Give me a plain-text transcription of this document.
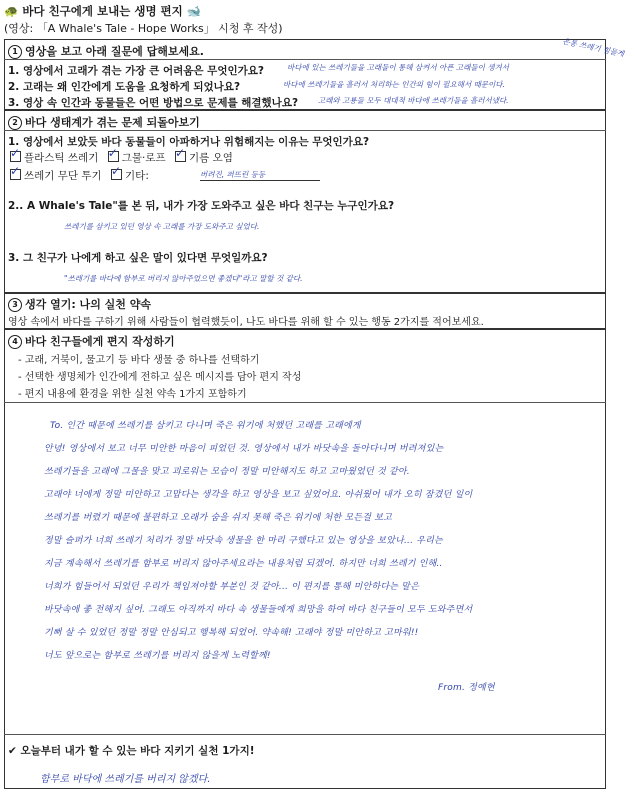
🐢 바다 친구에게 보내는 생명 편지 🐋
(영상: 「A Whale's Tale - Hope Works」 시청 후 작성)
1 영상을 보고 아래 질문에 답해보세요.
1. 영상에서 고래가 겪는 가장 큰 어려움은 무엇인가요?	바다에 있는 쓰레기들을 고래들이 통해 삼켜서 아픈 고래들이 생겨서
온통 쓰레기 힘들게
2. 고래는 왜 인간에게 도움을 요청하게 되었나요?	바다에 쓰레기들을 흘러서 처리하는 인간의 힘이 필요해서 때문이다.
3. 영상 속 인간과 동물들은 어떤 방법으로 문제를 해결했나요?	고래와 고룡들 모두 대대적 바다에 쓰레기들을 흘러서냈다.
2 바다 생태계가 겪는 문제 되돌아보기
1. 영상에서 보았듯 바다 동물들이 아파하거나 위험해지는 이유는 무엇인가요?
✓플라스틱 쓰레기 ✓ 그물·로프 ✓ 기름 오염
✓쓰레기 무단 투기 ✓ 기타:	버려진, 퍼뜨린 등등
2.. A Whale's Tale"를 본 뒤, 내가 가장 도와주고 싶은 바다 친구는 누구인가요?
쓰레기를 삼키고 있던 영상 속 고래를 가장 도와주고 싶었다.
3. 그 친구가 나에게 하고 싶은 말이 있다면 무엇일까요?
"쓰레기를 바다에 함부로 버리지 않아주었으면 좋겠다"라고 말할 것 같다.
3 생각 열기: 나의 실천 약속
영상 속에서 바다를 구하기 위해 사람들이 협력했듯이, 나도 바다를 위해 할 수 있는 행동 2가지를 적어보세요.
4 바다 친구들에게 편지 작성하기
- 고래, 거북이, 물고기 등 바다 생물 중 하나를 선택하기
- 선택한 생명체가 인간에게 전하고 싶은 메시지를 담아 편지 작성
- 편지 내용에 환경을 위한 실천 약속 1가지 포함하기
To. 인간 때문에 쓰레기를 삼키고 다니며 죽은 위기에 처했던 고래를 고래에게
안녕! 영상에서 보고 너무 미안한 마음이 피었던 것. 영상에서 내가 바닷속을 돌아다니며 버려져있는
쓰레기들을 고래에 그물을 맞고 괴로워는 모습이 정말 미안해지도 하고 고마웠었던 것 같아.
고래야 너에게 정말 미안하고 고맙다는 생각을 하고 영상을 보고 싶었어요. 아쉬웠어 내가 오히 잠겼던 일이
쓰레기를 버렸기 때문에 불편하고 오래가 숨을 쉬지 못해 죽은 위기에 처한 모든걸 보고
정말 슬퍼가 너희 쓰레기 처리가 정말 바닷속 생물을 한 마리 구했다고 있는 영상을 보았나... 우리는
지금 계속해서 쓰레기를 함부로 버리지 않아주세요라는 내용처럼 되겠어. 하지만 너희 쓰레기 인해..
너희가 힘들어서 되었던 우리가 책임져야할 부분인 것 같아... 이 편지를 통해 미안하다는 말은
바닷속에 좋 전해지 싶어. 그래도 아직까지 바다 속 생물들에게 희망을 하여 바다 친구들이 모두 도와주면서
기뻐 살 수 있었던 정말 정말 안심되고 행복해 되었어. 약속해! 고래야 정말 미안하고 고마워!!
너도 앞으로는 함부로 쓰레기를 버리지 않을게 노력할께!
From. 정예현
✔ 오늘부터 내가 할 수 있는 바다 지키기 실천 1가지!
함부로 바닥에 쓰레기를 버리지 않겠다.
